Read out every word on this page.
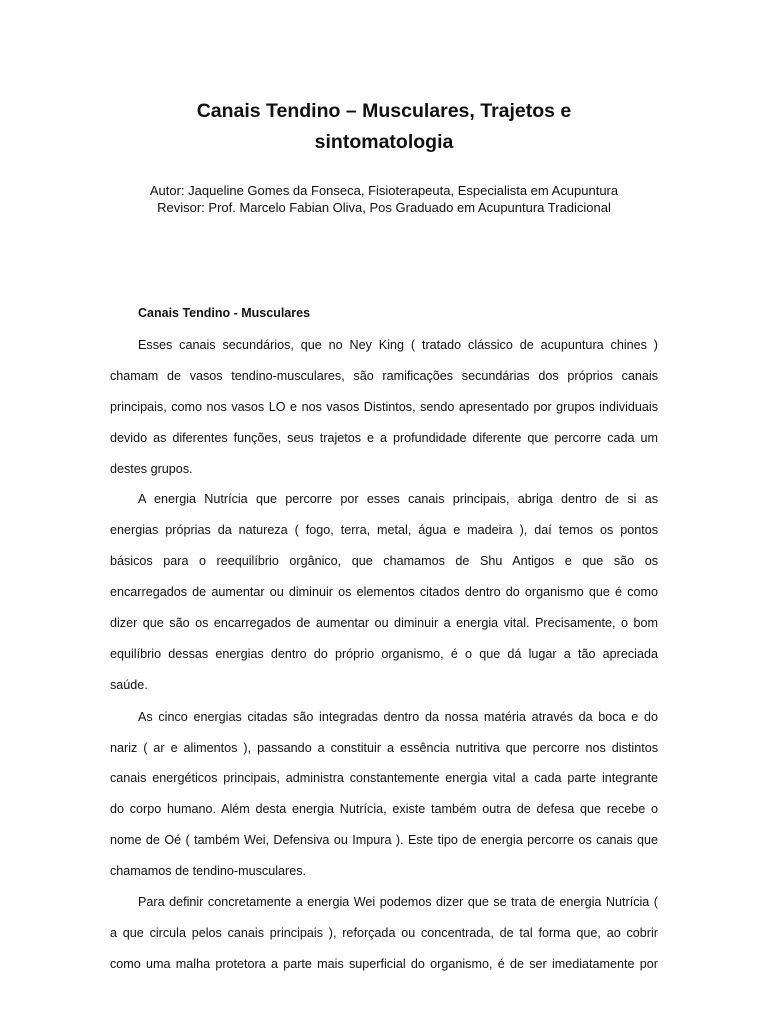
Canais Tendino – Musculares, Trajetos e
sintomatologia
Autor: Jaqueline Gomes da Fonseca, Fisioterapeuta, Especialista em Acupuntura
Revisor: Prof. Marcelo Fabian Oliva, Pos Graduado em Acupuntura Tradicional
Canais Tendino - Musculares
Esses canais secundários, que no Ney King ( tratado clássico de acupuntura chines )
chamam de vasos tendino-musculares, são ramificações secundárias dos próprios canais
principais, como nos vasos LO e nos vasos Distintos, sendo apresentado por grupos individuais
devido as diferentes funções, seus trajetos e a profundidade diferente que percorre cada um
destes grupos.
A energia Nutrícia que percorre por esses canais principais, abriga dentro de si as
energias próprias da natureza ( fogo, terra, metal, água e madeira ), daí temos os pontos
básicos para o reequilíbrio orgânico, que chamamos de Shu Antigos e que são os
encarregados de aumentar ou diminuir os elementos citados dentro do organismo que é como
dizer que são os encarregados de aumentar ou diminuir a energia vital. Precisamente, o bom
equilíbrio dessas energias dentro do próprio organismo, é o que dá lugar a tão apreciada
saúde.
As cinco energias citadas são integradas dentro da nossa matéria através da boca e do
nariz ( ar e alimentos ), passando a constituir a essência nutritiva que percorre nos distintos
canais energéticos principais, administra constantemente energia vital a cada parte integrante
do corpo humano. Além desta energia Nutrícia, existe também outra de defesa que recebe o
nome de Oé ( também Wei, Defensiva ou Impura ). Este tipo de energia percorre os canais que
chamamos de tendino-musculares.
Para definir concretamente a energia Wei podemos dizer que se trata de energia Nutrícia (
a que circula pelos canais principais ), reforçada ou concentrada, de tal forma que, ao cobrir
como uma malha protetora a parte mais superficial do organismo, é de ser imediatamente por
